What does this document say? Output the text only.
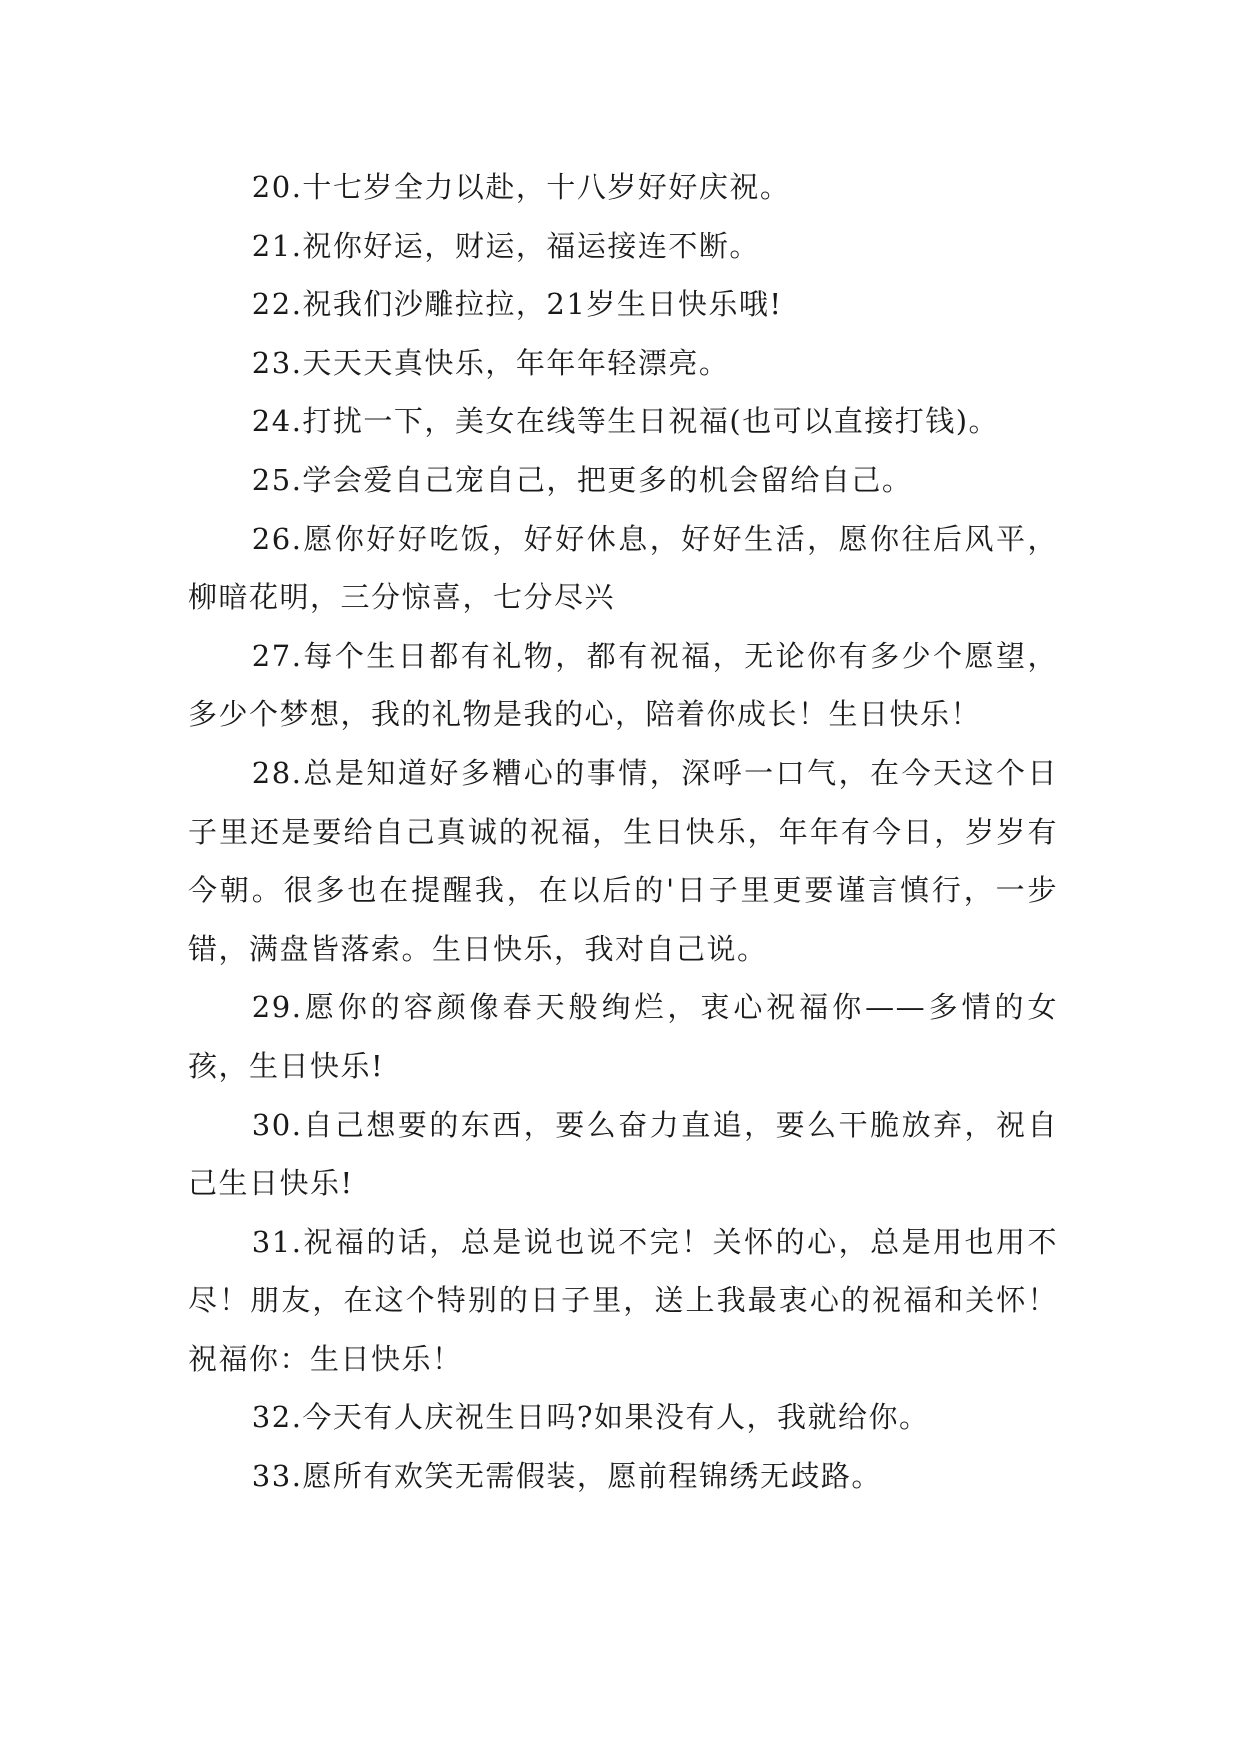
20.十七岁全力以赴，十八岁好好庆祝。

21.祝你好运，财运，福运接连不断。

22.祝我们沙雕拉拉，21岁生日快乐哦!

23.天天天真快乐，年年年轻漂亮。

24.打扰一下，美女在线等生日祝福(也可以直接打钱)。

25.学会爱自己宠自己，把更多的机会留给自己。

26.愿你好好吃饭，好好休息，好好生活，愿你往后风平，柳暗花明，三分惊喜，七分尽兴

27.每个生日都有礼物，都有祝福，无论你有多少个愿望，多少个梦想，我的礼物是我的心，陪着你成长！生日快乐！

28.总是知道好多糟心的事情，深呼一口气，在今天这个日子里还是要给自己真诚的祝福，生日快乐，年年有今日，岁岁有今朝。很多也在提醒我，在以后的'日子里更要谨言慎行，一步错，满盘皆落索。生日快乐，我对自己说。

29.愿你的容颜像春天般绚烂，衷心祝福你——多情的女孩，生日快乐!

30.自己想要的东西，要么奋力直追，要么干脆放弃，祝自己生日快乐!

31.祝福的话，总是说也说不完！关怀的心，总是用也用不尽！朋友，在这个特别的日子里，送上我最衷心的祝福和关怀！祝福你：生日快乐！

32.今天有人庆祝生日吗?如果没有人，我就给你。

33.愿所有欢笑无需假装，愿前程锦绣无歧路。
